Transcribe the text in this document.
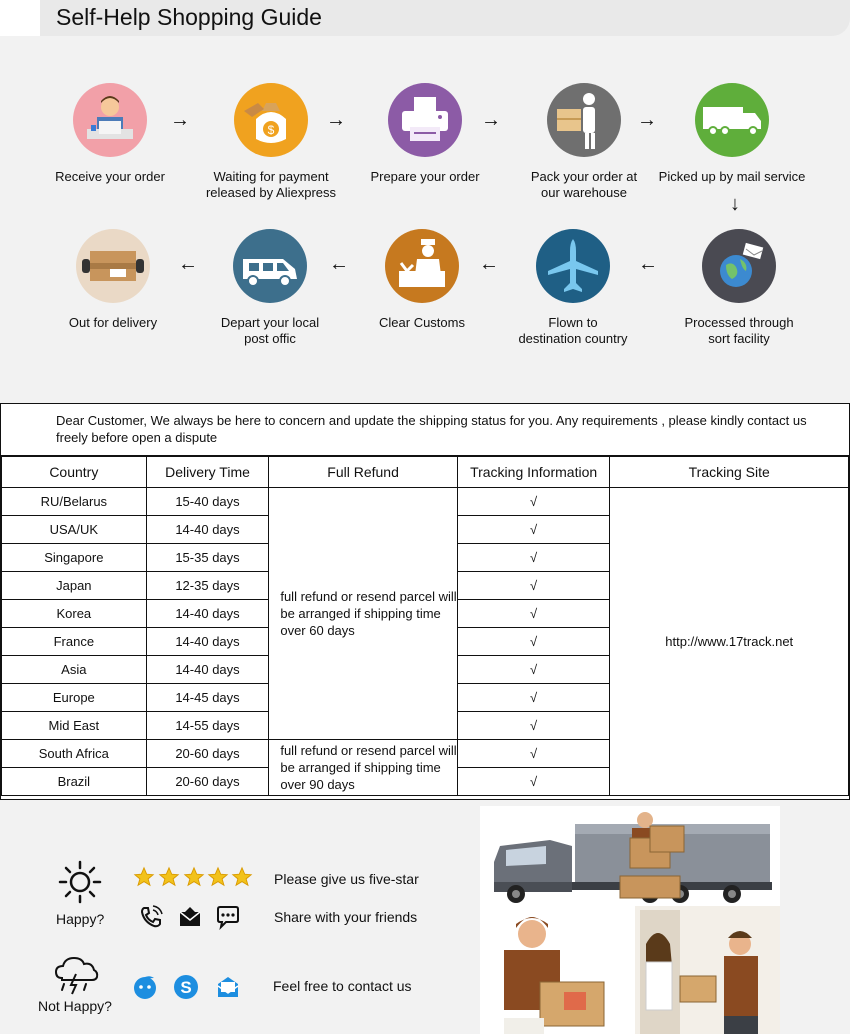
Self-Help Shopping Guide
Receive your order
→	$
Waiting for payment
released by Aliexpress
→
Prepare your order
→
Pack your order at
our warehouse
→
Picked up by mail service
↓
Processed through
sort facility
←
Flown to
destination country
←
Clear Customs
←
Depart your local
post offic
←
Out for delivery
Dear Customer, We always be here to concern and update the shipping status for you. Any requirements , please kindly contact us freely before open a dispute
Country	Delivery Time	Full Refund	Tracking Information	Tracking Site
RU/Belarus	15-40 days	full refund or resend parcel will be arranged if shipping time over 60 days	√	http://www.17track.net
USA/UK	14-40 days		√	
Singapore	15-35 days		√	
Japan	12-35 days		√	
Korea	14-40 days		√	
France	14-40 days		√	
Asia	14-40 days		√	
Europe	14-45 days		√	
Mid East	14-55 days		√	
South Africa	20-60 days	full refund or resend parcel will be arranged if shipping time over 90 days	√	
Brazil	20-60 days		√	
Happy?
Please give us five-star
Share with your friends
Not Happy?
S	Feel free to contact us
